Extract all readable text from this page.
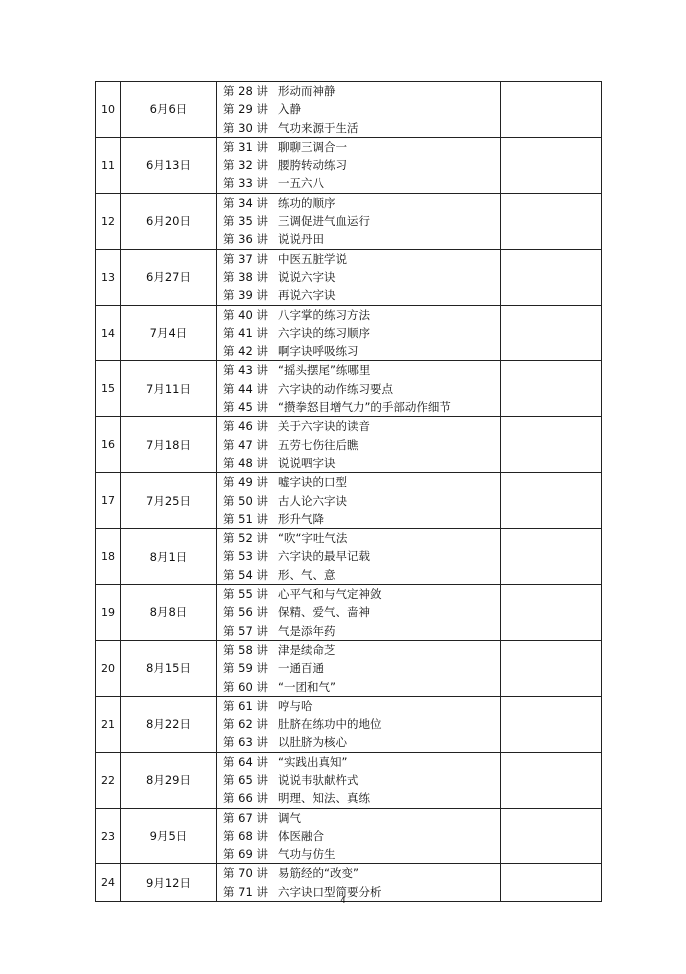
10	6月6日	第 28 讲 形动而神静
第 29 讲 入静
第 30 讲 气功来源于生活	

11	6月13日	第 31 讲 聊聊三调合一
第 32 讲 腰胯转动练习
第 33 讲 一五六八	

12	6月20日	第 34 讲 练功的顺序
第 35 讲 三调促进气血运行
第 36 讲 说说丹田	

13	6月27日	第 37 讲 中医五脏学说
第 38 讲 说说六字诀
第 39 讲 再说六字诀	

14	7月4日	第 40 讲 八字掌的练习方法
第 41 讲 六字诀的练习顺序
第 42 讲 啊字诀呼吸练习	

15	7月11日	第 43 讲 “摇头摆尾”练哪里
第 44 讲 六字诀的动作练习要点
第 45 讲 “攒拳怒目增气力”的手部动作细节	

16	7月18日	第 46 讲 关于六字诀的读音
第 47 讲 五劳七伤往后瞧
第 48 讲 说说呬字诀	

17	7月25日	第 49 讲 嘘字诀的口型
第 50 讲 古人论六字诀
第 51 讲 形升气降	

18	8月1日	第 52 讲 “吹“字吐气法
第 53 讲 六字诀的最早记载
第 54 讲 形、气、意	

19	8月8日	第 55 讲 心平气和与气定神敛
第 56 讲 保精、爱气、啬神
第 57 讲 气是添年药	

20	8月15日	第 58 讲 津是续命芝
第 59 讲 一通百通
第 60 讲 “一团和气”	

21	8月22日	第 61 讲 哼与哈
第 62 讲 肚脐在练功中的地位
第 63 讲 以肚脐为核心	

22	8月29日	第 64 讲 “实践出真知”
第 65 讲 说说韦驮献杵式
第 66 讲 明理、知法、真练	

23	9月5日	第 67 讲 调气
第 68 讲 体医融合
第 69 讲 气功与仿生	

24	9月12日	第 70 讲 易筋经的“改变”
第 71 讲 六字诀口型简要分析	

4
